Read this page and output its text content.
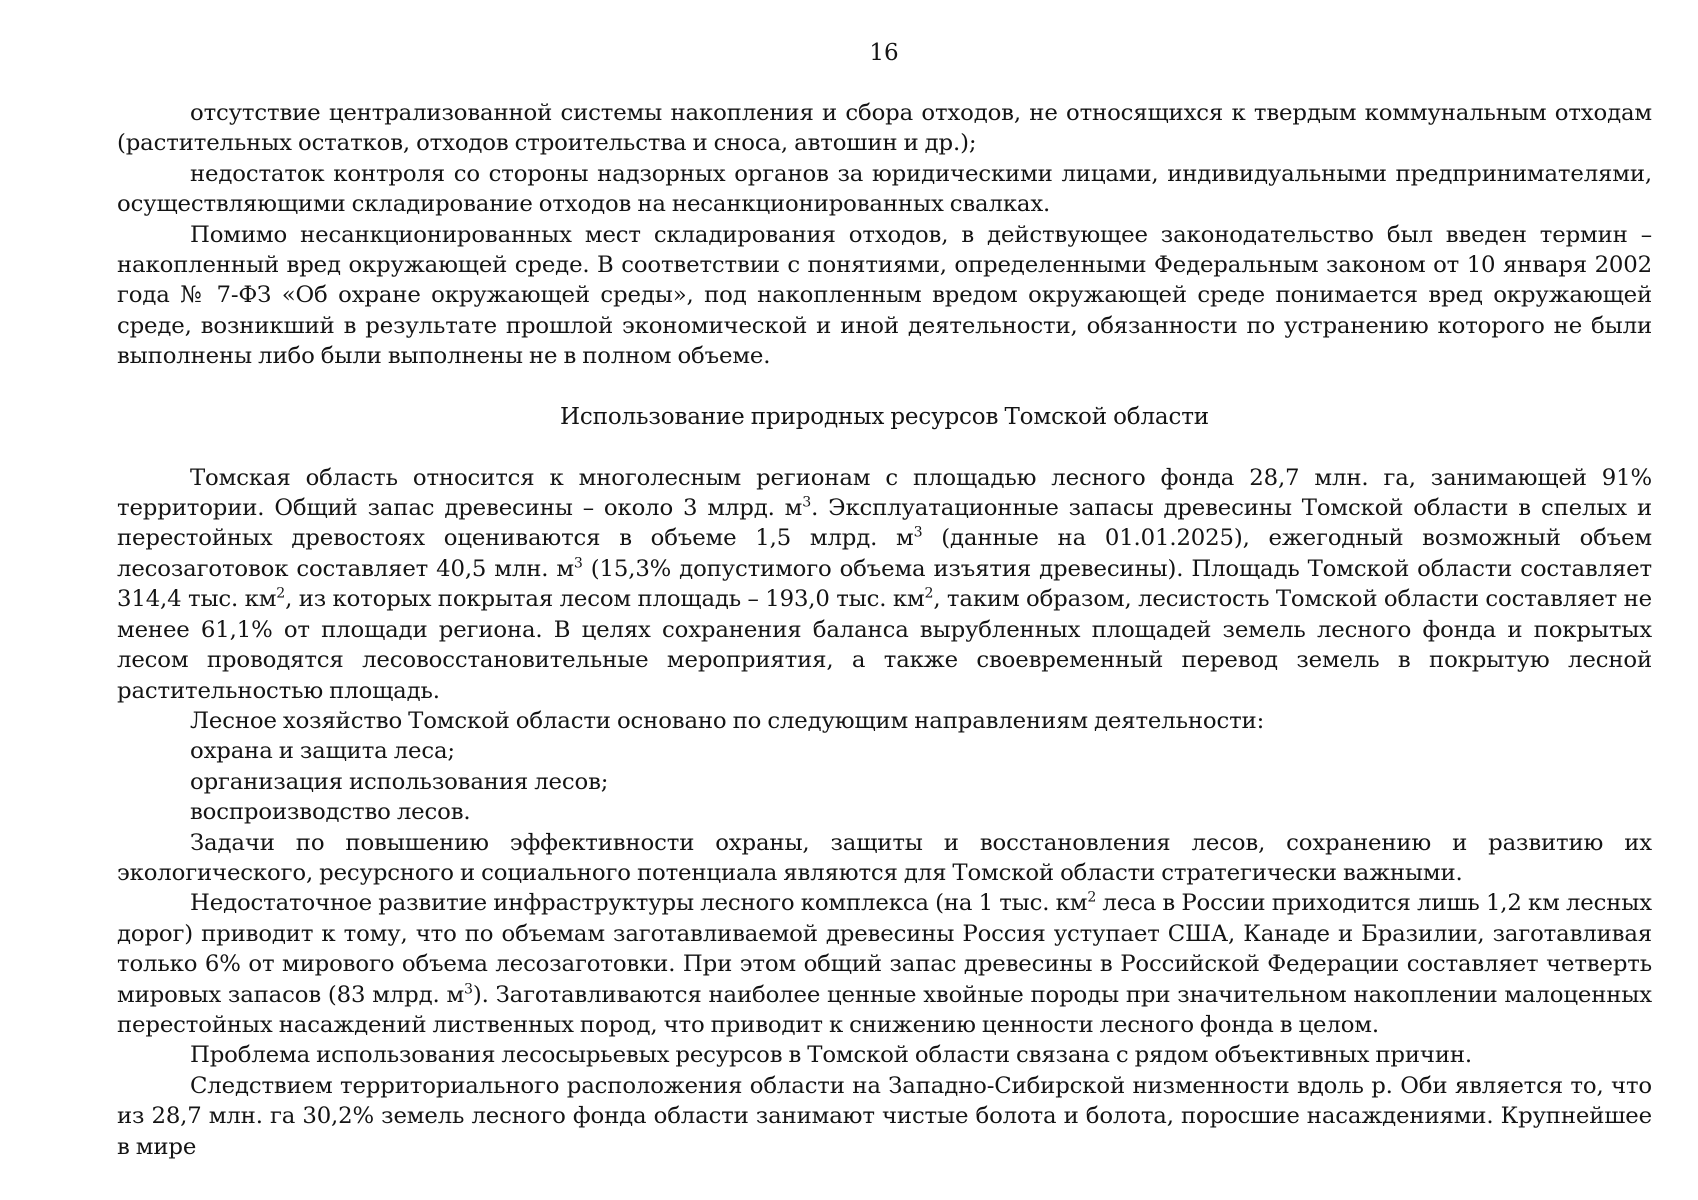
16

отсутствие централизованной системы накопления и сбора отходов, не относящихся к твердым коммунальным отходам (растительных остатков, отходов строительства и сноса, автошин и др.);

недостаток контроля со стороны надзорных органов за юридическими лицами, индивидуальными предпринимателями, осуществляющими складирование отходов на несанкционированных свалках.

Помимо несанкционированных мест складирования отходов, в действующее законодательство был введен термин – накопленный вред окружающей среде. В соответствии с понятиями, определенными Федеральным законом от 10 января 2002 года № 7-ФЗ «Об охране окружающей среды», под накопленным вредом окружающей среде понимается вред окружающей среде, возникший в результате прошлой экономической и иной деятельности, обязанности по устранению которого не были выполнены либо были выполнены не в полном объеме.

Использование природных ресурсов Томской области

Томская область относится к многолесным регионам с площадью лесного фонда 28,7 млн. га, занимающей 91% территории. Общий запас древесины – около 3 млрд. $м^3$. Эксплуатационные запасы древесины Томской области в спелых и перестойных древостоях оцениваются в объеме 1,5 млрд. $м^3$ (данные на 01.01.2025), ежегодный возможный объем лесозаготовок составляет 40,5 млн. $м^3$ (15,3% допустимого объема изъятия древесины). Площадь Томской области составляет 314,4 тыс. $км^2$, из которых покрытая лесом площадь – 193,0 тыс. $км^2$, таким образом, лесистость Томской области составляет не менее 61,1% от площади региона. В целях сохранения баланса вырубленных площадей земель лесного фонда и покрытых лесом проводятся лесовосстановительные мероприятия, а также своевременный перевод земель в покрытую лесной растительностью площадь.

Лесное хозяйство Томской области основано по следующим направлениям деятельности:

охрана и защита леса;

организация использования лесов;

воспроизводство лесов.

Задачи по повышению эффективности охраны, защиты и восстановления лесов, сохранению и развитию их экологического, ресурсного и социального потенциала являются для Томской области стратегически важными.

Недостаточное развитие инфраструктуры лесного комплекса (на 1 тыс. $км^2$ леса в России приходится лишь 1,2 км лесных дорог) приводит к тому, что по объемам заготавливаемой древесины Россия уступает США, Канаде и Бразилии, заготавливая только 6% от мирового объема лесозаготовки. При этом общий запас древесины в Российской Федерации составляет четверть мировых запасов (83 млрд. $м^3$). Заготавливаются наиболее ценные хвойные породы при значительном накоплении малоценных перестойных насаждений лиственных пород, что приводит к снижению ценности лесного фонда в целом.

Проблема использования лесосырьевых ресурсов в Томской области связана с рядом объективных причин.

Следствием территориального расположения области на Западно-Сибирской низменности вдоль р. Оби является то, что из 28,7 млн. га 30,2% земель лесного фонда области занимают чистые болота и болота, поросшие насаждениями. Крупнейшее в мире
